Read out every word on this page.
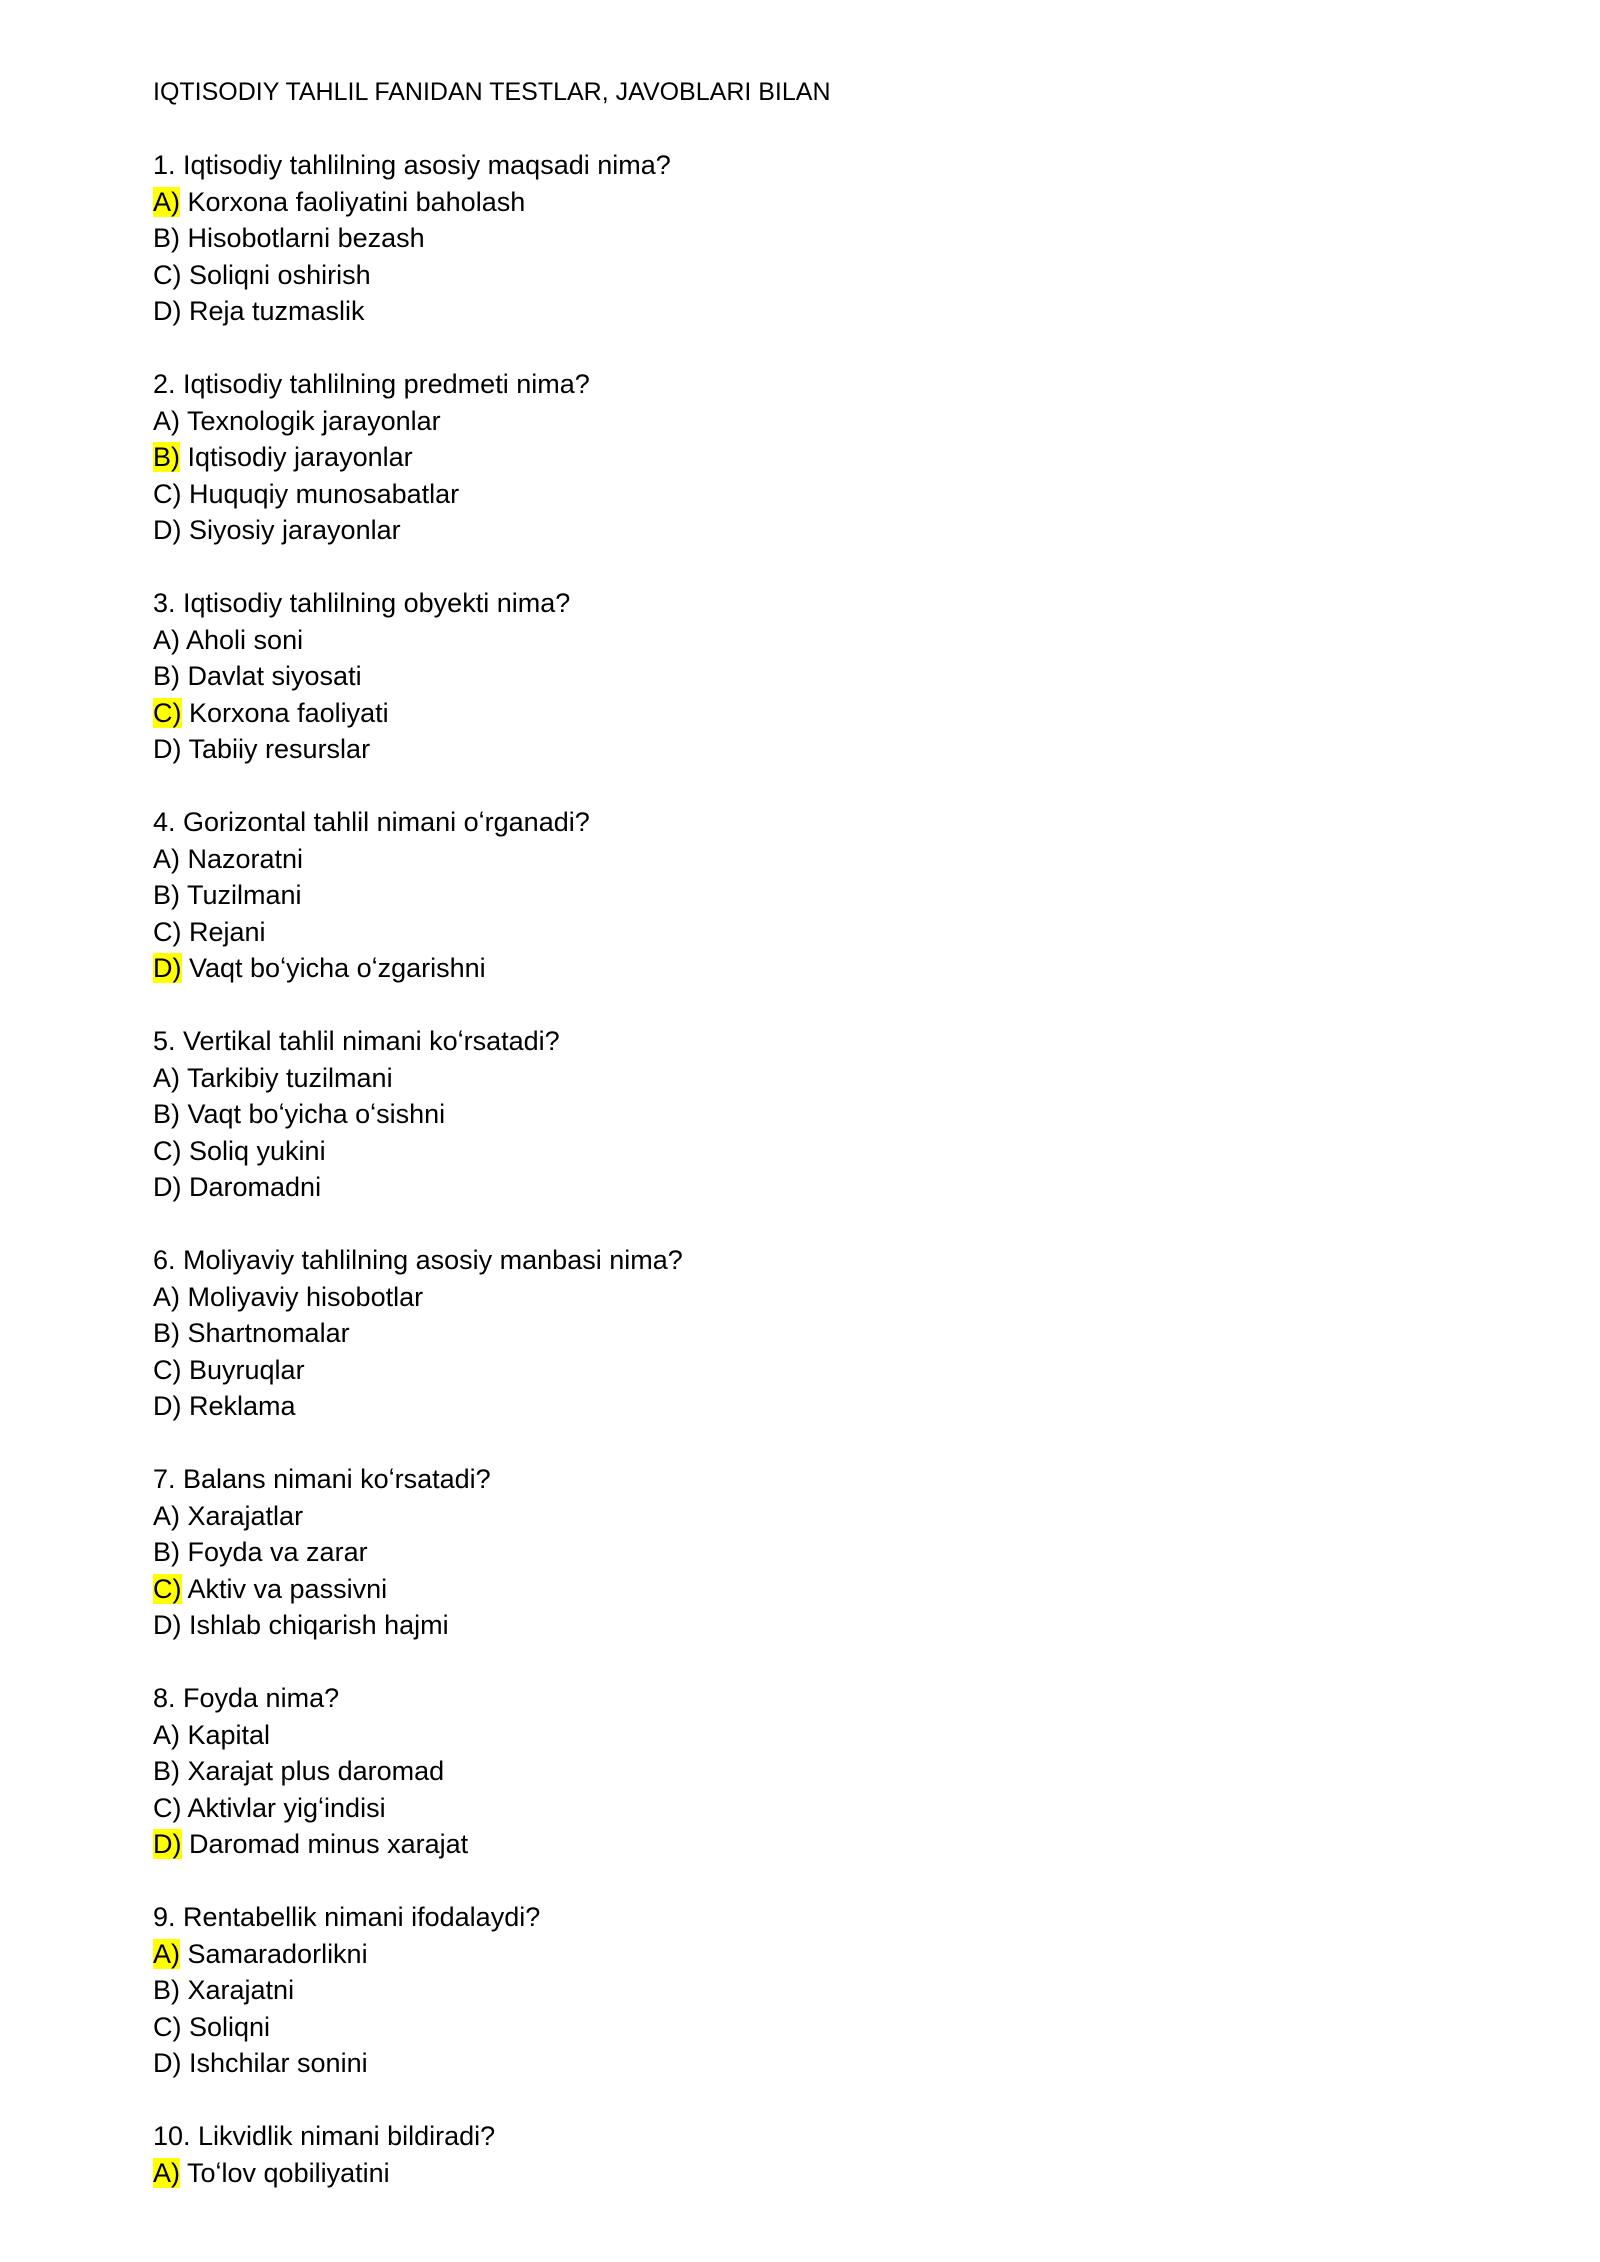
IQTISODIY TAHLIL FANIDAN TESTLAR, JAVOBLARI BILAN
1. Iqtisodiy tahlilning asosiy maqsadi nima?
A) Korxona faoliyatini baholash
B) Hisobotlarni bezash
C) Soliqni oshirish
D) Reja tuzmaslik
2. Iqtisodiy tahlilning predmeti nima?
A) Texnologik jarayonlar
B) Iqtisodiy jarayonlar
C) Huquqiy munosabatlar
D) Siyosiy jarayonlar
3. Iqtisodiy tahlilning obyekti nima?
A) Aholi soni
B) Davlat siyosati
C) Korxona faoliyati
D) Tabiiy resurslar
4. Gorizontal tahlil nimani oʻrganadi?
A) Nazoratni
B) Tuzilmani
C) Rejani
D) Vaqt boʻyicha oʻzgarishni
5. Vertikal tahlil nimani koʻrsatadi?
A) Tarkibiy tuzilmani
B) Vaqt boʻyicha oʻsishni
C) Soliq yukini
D) Daromadni
6. Moliyaviy tahlilning asosiy manbasi nima?
A) Moliyaviy hisobotlar
B) Shartnomalar
C) Buyruqlar
D) Reklama
7. Balans nimani koʻrsatadi?
A) Xarajatlar
B) Foyda va zarar
C) Aktiv va passivni
D) Ishlab chiqarish hajmi
8. Foyda nima?
A) Kapital
B) Xarajat plus daromad
C) Aktivlar yigʻindisi
D) Daromad minus xarajat
9. Rentabellik nimani ifodalaydi?
A) Samaradorlikni
B) Xarajatni
C) Soliqni
D) Ishchilar sonini
10. Likvidlik nimani bildiradi?
A) Toʻlov qobiliyatini
